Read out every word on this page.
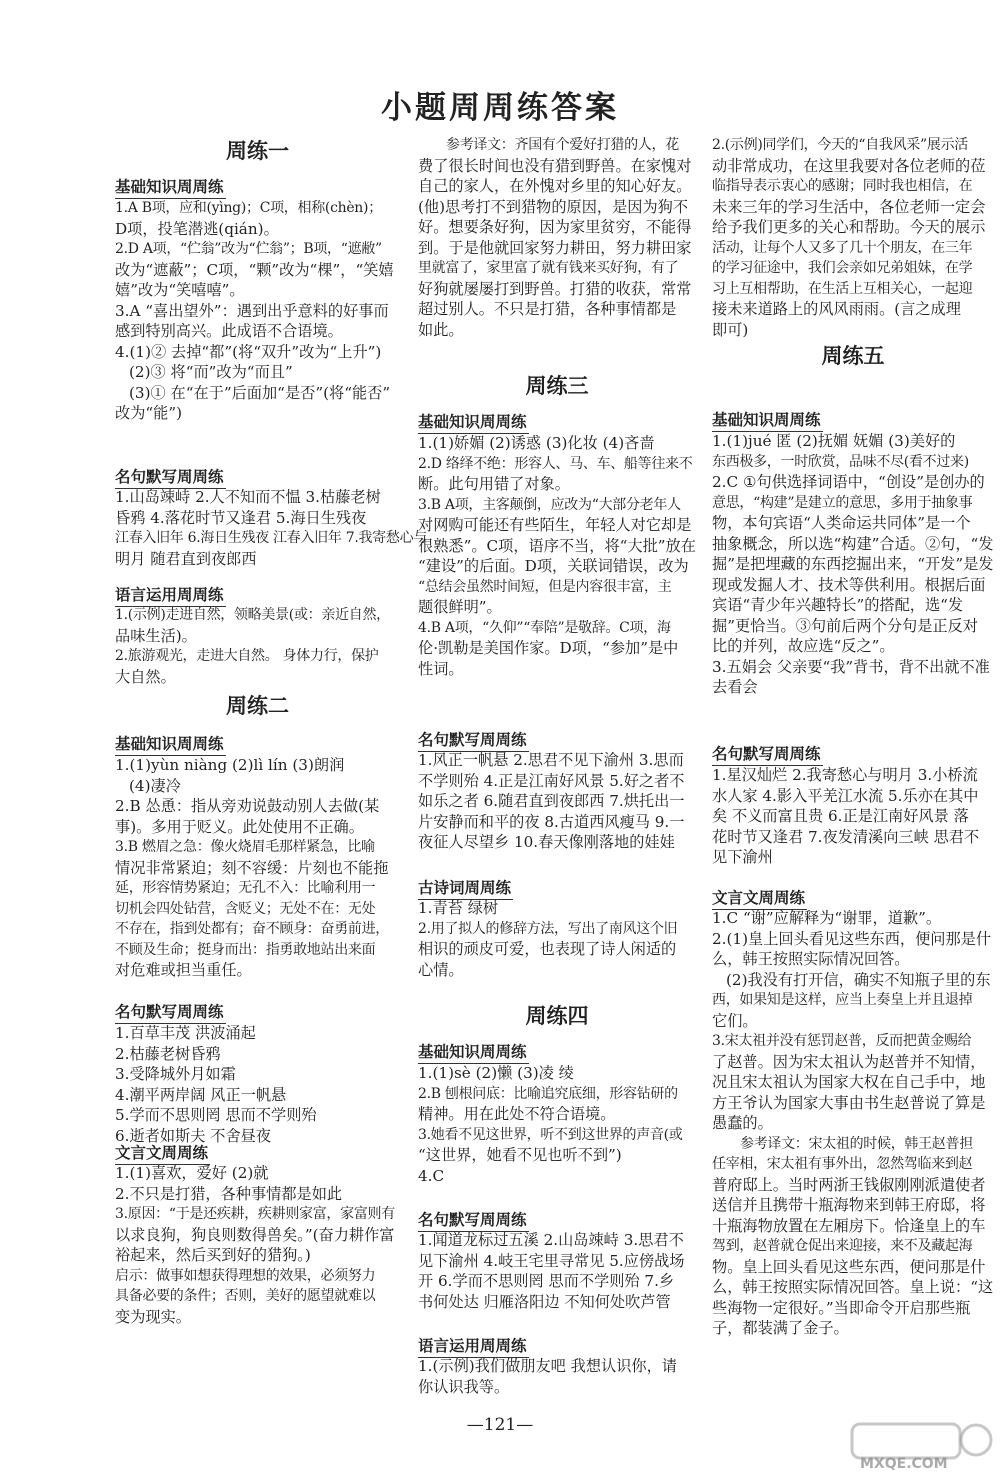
小题周周练答案
周练一
基础知识周周练
1.A B项，应和(yìng)；C项，相称(chèn)；
D项，投笔潜逃(qián)。
2.D A项，“伫翁”改为“伫翁”；B项，“遮敝”
改为“遮蔽”；C项，“颗”改为“棵”，“笑嬉
嬉”改为“笑嘻嘻”。
3.A “喜出望外”：遇到出乎意料的好事而
感到特别高兴。此成语不合语境。
4.(1)② 去掉“都”(将“双升”改为“上升”)
(2)③ 将“而”改为“而且”
(3)① 在“在于”后面加“是否”(将“能否”
改为“能”)
名句默写周周练
1.山岛竦峙 2.人不知而不愠 3.枯藤老树
昏鸦 4.落花时节又逢君 5.海日生残夜
江春入旧年 6.海日生残夜 江春入旧年 7.我寄愁心与
明月 随君直到夜郎西
语言运用周周练
1.(示例)走进自然，领略美景(或：亲近自然，
品味生活)。
2.旅游观光，走进大自然。 身体力行，保护
大自然。
周练二
基础知识周周练
1.(1)yùn niàng (2)lì lín (3)朗润
(4)凄冷
2.B 怂恿：指从旁劝说鼓动别人去做(某
事)。多用于贬义。此处使用不正确。
3.B 燃眉之急：像火烧眉毛那样紧急，比喻
情况非常紧迫；刻不容缓：片刻也不能拖
延，形容情势紧迫；无孔不入：比喻利用一
切机会四处钻营，含贬义；无处不在：无处
不存在，指到处都有；奋不顾身：奋勇前进，
不顾及生命；挺身而出：指勇敢地站出来面
对危难或担当重任。
名句默写周周练
1.百草丰茂 洪波涌起
2.枯藤老树昏鸦
3.受降城外月如霜
4.潮平两岸阔 风正一帆悬
5.学而不思则罔 思而不学则殆
6.逝者如斯夫 不舍昼夜
文言文周周练
1.(1)喜欢，爱好 (2)就
2.不只是打猎，各种事情都是如此
3.原因：“于是还疾耕，疾耕则家富，家富则有
以求良狗，狗良则数得兽矣。”(奋力耕作富
裕起来，然后买到好的猎狗。)
启示：做事如想获得理想的效果，必须努力
具备必要的条件；否则，美好的愿望就难以
变为现实。
参考译文：齐国有个爱好打猎的人，花
费了很长时间也没有猎到野兽。在家愧对
自己的家人，在外愧对乡里的知心好友。
(他)思考打不到猎物的原因，是因为狗不
好。想要条好狗，因为家里贫穷，不能得
到。于是他就回家努力耕田，努力耕田家
里就富了，家里富了就有钱来买好狗，有了
好狗就屡屡打到野兽。打猎的收获，常常
超过别人。不只是打猎，各种事情都是
如此。
周练三
基础知识周周练
1.(1)娇媚 (2)诱惑 (3)化妆 (4)吝啬
2.D 络绎不绝：形容人、马、车、船等往来不
断。此句用错了对象。
3.B A项，主客颠倒，应改为“大部分老年人
对网购可能还有些陌生，年轻人对它却是
很熟悉”。C项，语序不当，将“大批”放在
“建设”的后面。D项，关联词错误，改为
“总结会虽然时间短，但是内容很丰富，主
题很鲜明”。
4.B A项，“久仰”“奉陪”是敬辞。C项，海
伦·凯勒是美国作家。D项，“参加”是中
性词。
名句默写周周练
1.风正一帆悬 2.思君不见下渝州 3.思而
不学则殆 4.正是江南好风景 5.好之者不
如乐之者 6.随君直到夜郎西 7.烘托出一
片安静而和平的夜 8.古道西风瘦马 9.一
夜征人尽望乡 10.春天像刚落地的娃娃
古诗词周周练
1.青苔 绿树
2.用了拟人的修辞方法，写出了南风这个旧
相识的顽皮可爱，也表现了诗人闲适的
心情。
周练四
基础知识周周练
1.(1)sè (2)懒 (3)凌 绫
2.B 刨根问底：比喻追究底细，形容钻研的
精神。用在此处不符合语境。
3.她看不见这世界，听不到这世界的声音(或
“这世界，她看不见也听不到”)
4.C
名句默写周周练
1.闻道龙标过五溪 2.山岛竦峙 3.思君不
见下渝州 4.岐王宅里寻常见 5.应傍战场
开 6.学而不思则罔 思而不学则殆 7.乡
书何处达 归雁洛阳边 不知何处吹芦管
语言运用周周练
1.(示例)我们做朋友吧 我想认识你，请
你认识我等。
2.(示例)同学们，今天的“自我风采”展示活
动非常成功，在这里我要对各位老师的莅
临指导表示衷心的感谢；同时我也相信，在
未来三年的学习生活中，各位老师一定会
给予我们更多的关心和帮助。今天的展示
活动，让每个人又多了几十个朋友，在三年
的学习征途中，我们会亲如兄弟姐妹，在学
习上互相帮助，在生活上互相关心，一起迎
接未来道路上的风风雨雨。(言之成理
即可)
周练五
基础知识周周练
1.(1)jué 匿 (2)抚媚 妩媚 (3)美好的
东西极多，一时欣赏，品味不尽(看不过来)
2.C ①句供选择词语中，“创设”是创办的
意思，“构建”是建立的意思，多用于抽象事
物，本句宾语“人类命运共同体”是一个
抽象概念，所以选“构建”合适。②句，“发
掘”是把埋藏的东西挖掘出来，“开发”是发
现或发掘人才、技术等供利用。根据后面
宾语“青少年兴趣特长”的搭配，选“发
掘”更恰当。③句前后两个分句是正反对
比的并列，故应选“反之”。
3.五娟会 父亲要“我”背书，背不出就不准
去看会
名句默写周周练
1.星汉灿烂 2.我寄愁心与明月 3.小桥流
水人家 4.影入平羌江水流 5.乐亦在其中
矣 不义而富且贵 6.正是江南好风景 落
花时节又逢君 7.夜发清溪向三峡 思君不
见下渝州
文言文周周练
1.C “谢”应解释为“谢罪，道歉”。
2.(1)皇上回头看见这些东西，便问那是什
么，韩王按照实际情况回答。
(2)我没有打开信，确实不知瓶子里的东
西，如果知是这样，应当上奏皇上并且退掉
它们。
3.宋太祖并没有惩罚赵普，反而把黄金赐给
了赵普。因为宋太祖认为赵普并不知情，
况且宋太祖认为国家大权在自己手中，地
方王爷认为国家大事由书生赵普说了算是
愚蠢的。
参考译文：宋太祖的时候，韩王赵普担
任宰相，宋太祖有事外出，忽然驾临来到赵
普府邸上。当时两浙王钱俶刚刚派遣使者
送信并且携带十瓶海物来到韩王府邸，将
十瓶海物放置在左厢房下。恰逢皇上的车
驾到，赵普就仓促出来迎接，来不及藏起海
物。皇上回头看见这些东西，便问那是什
么，韩王按照实际情况回答。皇上说：“这
些海物一定很好。”当即命令开启那些瓶
子，都装满了金子。
—121—
MXQE.COM
